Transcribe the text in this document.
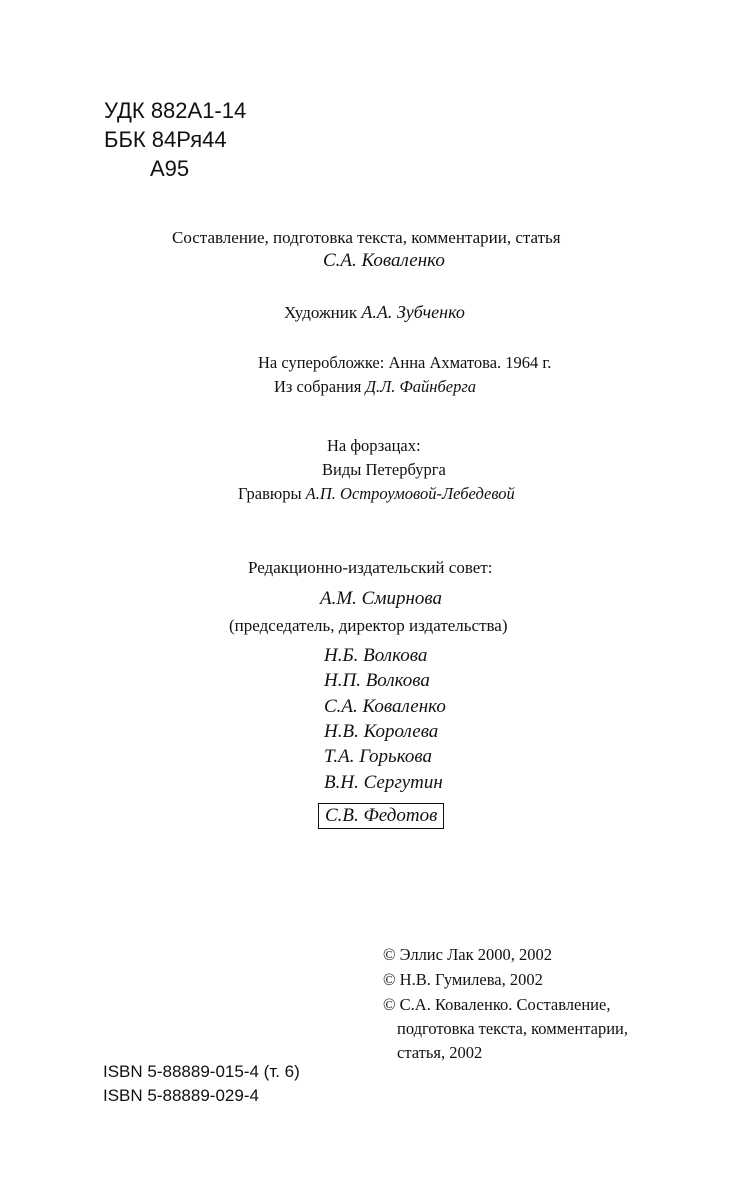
УДК 882А1-14
ББК 84Ря44
А95
Составление, подготовка текста, комментарии, статья
С.А. Коваленко
Художник А.А. Зубченко
На суперобложке: Анна Ахматова. 1964 г.
Из собрания Д.Л. Файнберга
На форзацах:
Виды Петербурга
Гравюры А.П. Остроумовой-Лебедевой
Редакционно-издательский совет:
А.М. Смирнова
(председатель, директор издательства)
Н.Б. Волкова
Н.П. Волкова
С.А. Коваленко
Н.В. Королева
Т.А. Горькова
В.Н. Сергутин
С.В. Федотов
© Эллис Лак 2000, 2002
© Н.В. Гумилева, 2002
© С.А. Коваленко. Составление,
подготовка текста, комментарии,
статья, 2002
ISBN 5-88889-015-4 (т. 6)
ISBN 5-88889-029-4
